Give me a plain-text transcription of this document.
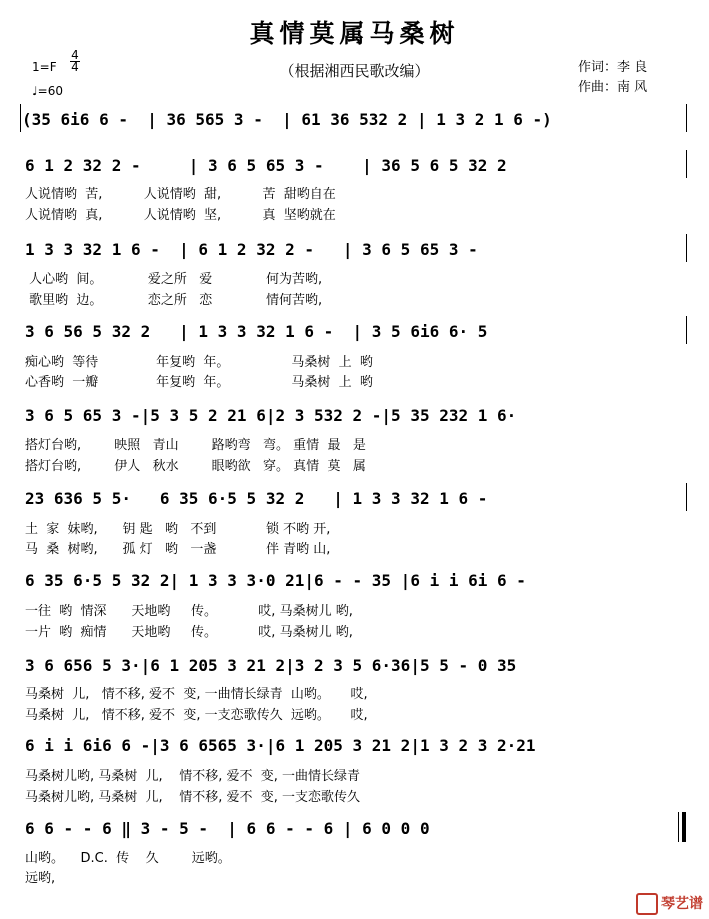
真情莫属马桑树
（根据湘西民歌改编）	作词：李 良
作曲：南 风
$1=F \frac{4}{4}$
♩=60
(35 6i6 6 -  | 36 565 3 -  | 61 36 532 2 | 1 3 2 1 6 -)
6 1 2 32 2 -     | 3 6 5 65 3 -    | 36 5 6 5 32 2
人说情哟  苦,          人说情哟  甜,          苦  甜哟自在
人说情哟  真,          人说情哟  坚,          真  坚哟就在
1 3 3 32 1 6 -  | 6 1 2 32 2 -   | 3 6 5 65 3 -
人心哟  间。           爱之所   爱             何为苦哟,
歌里哟  边。           恋之所   恋             情何苦哟,
3 6 56 5 32 2   | 1 3 3 32 1 6 -  | 3 5 6i6 6· 5
痴心哟  等待              年复哟  年。               马桑树  上  哟
心香哟  一瓣              年复哟  年。               马桑树  上  哟
3 6 5 65 3 -|5 3 5 2 21 6|2 3 532 2 -|5 35 232 1 6·
搭灯台哟,        映照   青山        路哟弯   弯。 重情  最   是
搭灯台哟,        伊人   秋水        眼哟欲   穿。 真情  莫   属
23 636 5 5·   6 35 6·5 5 32 2   | 1 3 3 32 1 6 -
土  家  妹哟,      钥 匙   哟   不到            锁 不哟 开,
马  桑  树哟,      孤 灯   哟   一盏            伴 青哟 山,
6 35 6·5 5 32 2| 1 3 3 3·0 21|6 - - 35 |6 i i 6i 6 -
一往  哟  情深      天地哟     传。          哎, 马桑树儿 哟,
一片  哟  痴情      天地哟     传。          哎, 马桑树儿 哟,
3 6 656 5 3·|6 1 205 3 21 2|3 2 3 5 6·36|5 5 - 0 35
马桑树  儿,   情不移, 爱不  变, 一曲情长绿青  山哟。     哎,
马桑树  儿,   情不移, 爱不  变, 一支恋歌传久  远哟。     哎,
6 i i 6i6 6 -|3 6 6565 3·|6 1 205 3 21 2|1 3 2 3 2·21
马桑树儿哟, 马桑树  儿,    情不移, 爱不  变, 一曲情长绿青
马桑树儿哟, 马桑树  儿,    情不移, 爱不  变, 一支恋歌传久
6 6 - - 6 ‖ 3 - 5 -  | 6 6 - - 6 | 6 0 0 0
山哟。    D.C.  传    久        远哟。
远哟,
琴艺谱
